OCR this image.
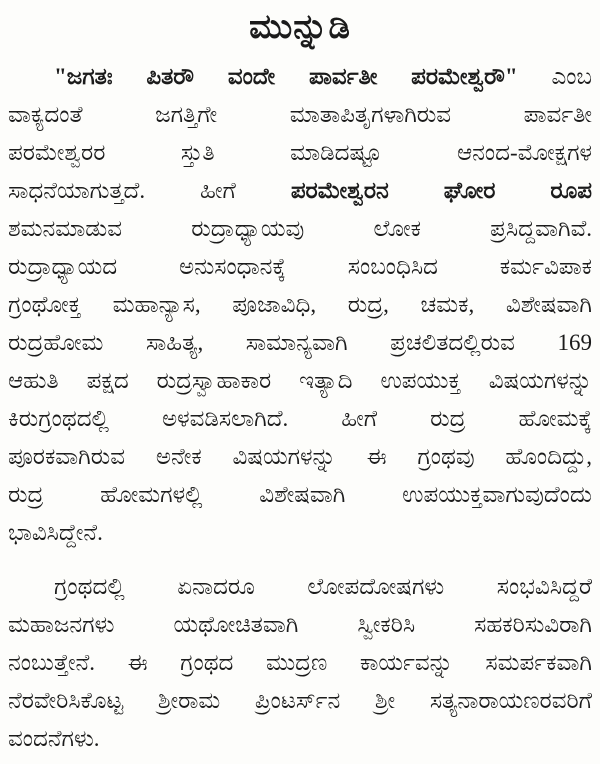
ಮುನ್ನುಡಿ
"ಜಗತಃ ಪಿತರೌ ವಂದೇ ಪಾರ್ವತೀ ಪರಮೇಶ್ವರೌ" ಎಂಬ
ವಾಕ್ಯದಂತೆ ಜಗತ್ತಿಗೇ ಮಾತಾಪಿತೃಗಳಾಗಿರುವ ಪಾರ್ವತೀ
ಪರಮೇಶ್ವರರ ಸ್ತುತಿ ಮಾಡಿದಷ್ಟೂ ಆನಂದ-ಮೋಕ್ಷಗಳ
ಸಾಧನೆಯಾಗುತ್ತದೆ. ಹೀಗೆ ಪರಮೇಶ್ವರನ ಘೋರ ರೂಪ
ಶಮನಮಾಡುವ ರುದ್ರಾಧ್ಯಾಯವು ಲೋಕ ಪ್ರಸಿದ್ದವಾಗಿವೆ.
ರುದ್ರಾಧ್ಯಾಯದ ಅನುಸಂಧಾನಕ್ಕೆ ಸಂಬಂಧಿಸಿದ ಕರ್ಮವಿಪಾಕ
ಗ್ರಂಥೋಕ್ತ ಮಹಾನ್ಯಾಸ, ಪೂಜಾವಿಧಿ, ರುದ್ರ, ಚಮಕ, ವಿಶೇಷವಾಗಿ
ರುದ್ರಹೋಮ ಸಾಹಿತ್ಯ, ಸಾಮಾನ್ಯವಾಗಿ ಪ್ರಚಲಿತದಲ್ಲಿರುವ 169
ಆಹುತಿ ಪಕ್ಷದ ರುದ್ರಸ್ವಾಹಾಕಾರ ಇತ್ಯಾದಿ ಉಪಯುಕ್ತ ವಿಷಯಗಳನ್ನು
ಕಿರುಗ್ರಂಥದಲ್ಲಿ ಅಳವಡಿಸಲಾಗಿದೆ. ಹೀಗೆ ರುದ್ರ ಹೋಮಕ್ಕೆ
ಪೂರಕವಾಗಿರುವ ಅನೇಕ ವಿಷಯಗಳನ್ನು ಈ ಗ್ರಂಥವು ಹೊಂದಿದ್ದು,
ರುದ್ರ ಹೋಮಗಳಲ್ಲಿ ವಿಶೇಷವಾಗಿ ಉಪಯುಕ್ತವಾಗುವುದೆಂದು
ಭಾವಿಸಿದ್ದೇನೆ.
ಗ್ರಂಥದಲ್ಲಿ ಏನಾದರೂ ಲೋಪದೋಷಗಳು ಸಂಭವಿಸಿದ್ದರೆ
ಮಹಾಜನಗಳು ಯಥೋಚಿತವಾಗಿ ಸ್ವೀಕರಿಸಿ ಸಹಕರಿಸುವಿರಾಗಿ
ನಂಬುತ್ತೇನೆ. ಈ ಗ್ರಂಥದ ಮುದ್ರಣ ಕಾರ್ಯವನ್ನು ಸಮರ್ಪಕವಾಗಿ
ನೆರವೇರಿಸಿಕೊಟ್ಟ ಶ್ರೀರಾಮ ಪ್ರಿಂಟರ್ಸ್‌ನ ಶ್ರೀ ಸತ್ಯನಾರಾಯಣರವರಿಗೆ
ವಂದನೆಗಳು.
